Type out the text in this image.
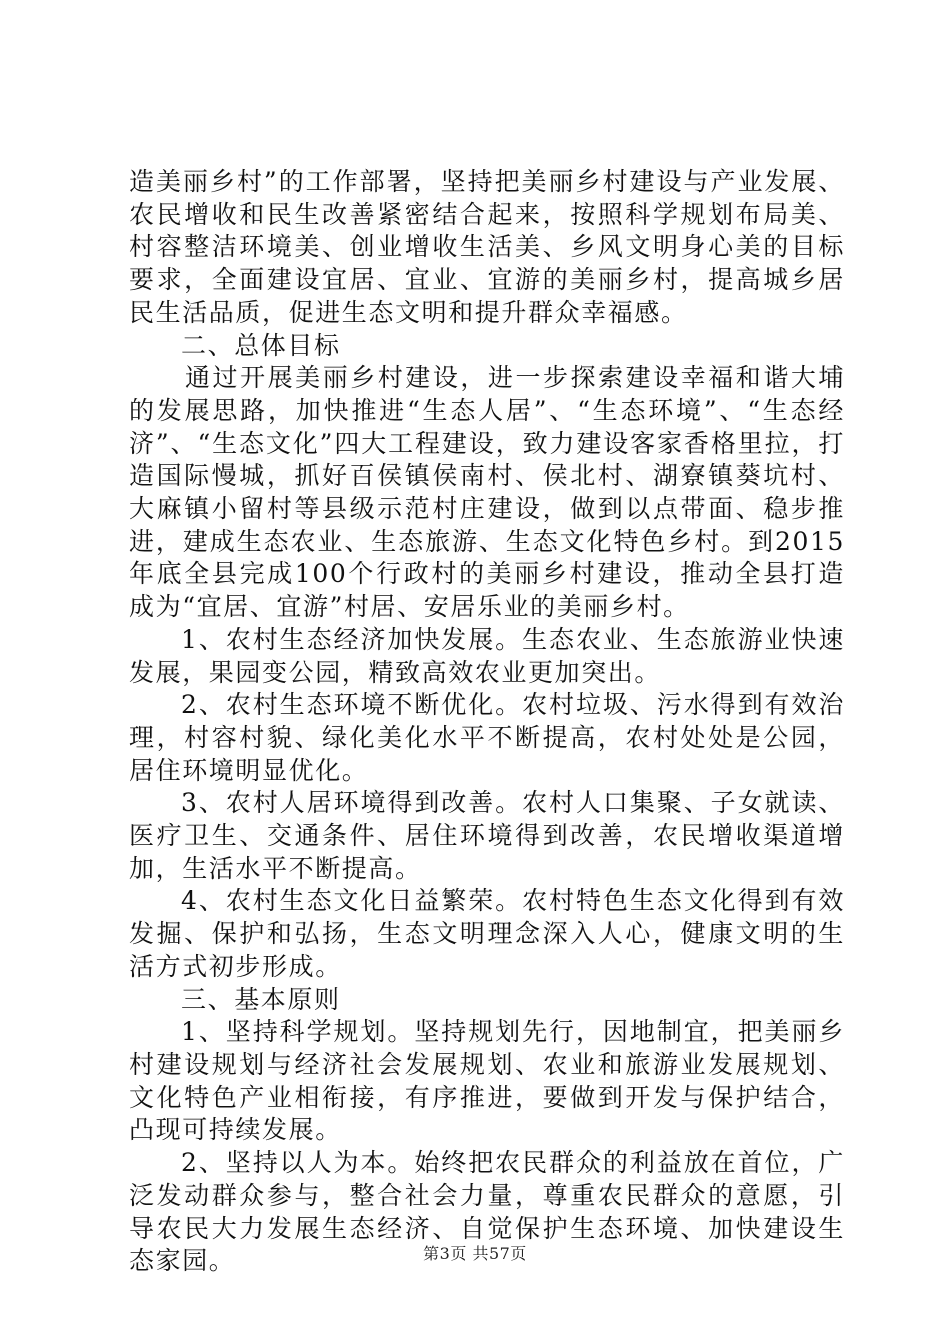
造美丽乡村”的工作部署，坚持把美丽乡村建设与产业发展、农民增收和民生改善紧密结合起来，按照科学规划布局美、村容整洁环境美、创业增收生活美、乡风文明身心美的目标要求，全面建设宜居、宜业、宜游的美丽乡村，提高城乡居民生活品质，促进生态文明和提升群众幸福感。

二、总体目标

通过开展美丽乡村建设，进一步探索建设幸福和谐大埔的发展思路，加快推进“生态人居”、“生态环境”、“生态经济”、“生态文化”四大工程建设，致力建设客家香格里拉，打造国际慢城，抓好百侯镇侯南村、侯北村、湖寮镇葵坑村、大麻镇小留村等县级示范村庄建设，做到以点带面、稳步推进，建成生态农业、生态旅游、生态文化特色乡村。到2015年底全县完成100个行政村的美丽乡村建设，推动全县打造成为“宜居、宜游”村居、安居乐业的美丽乡村。

1、农村生态经济加快发展。生态农业、生态旅游业快速发展，果园变公园，精致高效农业更加突出。

2、农村生态环境不断优化。农村垃圾、污水得到有效治理，村容村貌、绿化美化水平不断提高，农村处处是公园，居住环境明显优化。

3、农村人居环境得到改善。农村人口集聚、子女就读、医疗卫生、交通条件、居住环境得到改善，农民增收渠道增加，生活水平不断提高。

4、农村生态文化日益繁荣。农村特色生态文化得到有效发掘、保护和弘扬，生态文明理念深入人心，健康文明的生活方式初步形成。

三、基本原则

1、坚持科学规划。坚持规划先行，因地制宜，把美丽乡村建设规划与经济社会发展规划、农业和旅游业发展规划、文化特色产业相衔接，有序推进，要做到开发与保护结合，凸现可持续发展。

2、坚持以人为本。始终把农民群众的利益放在首位，广泛发动群众参与，整合社会力量，尊重农民群众的意愿，引导农民大力发展生态经济、自觉保护生态环境、加快建设生态家园。	第3页 共57页
